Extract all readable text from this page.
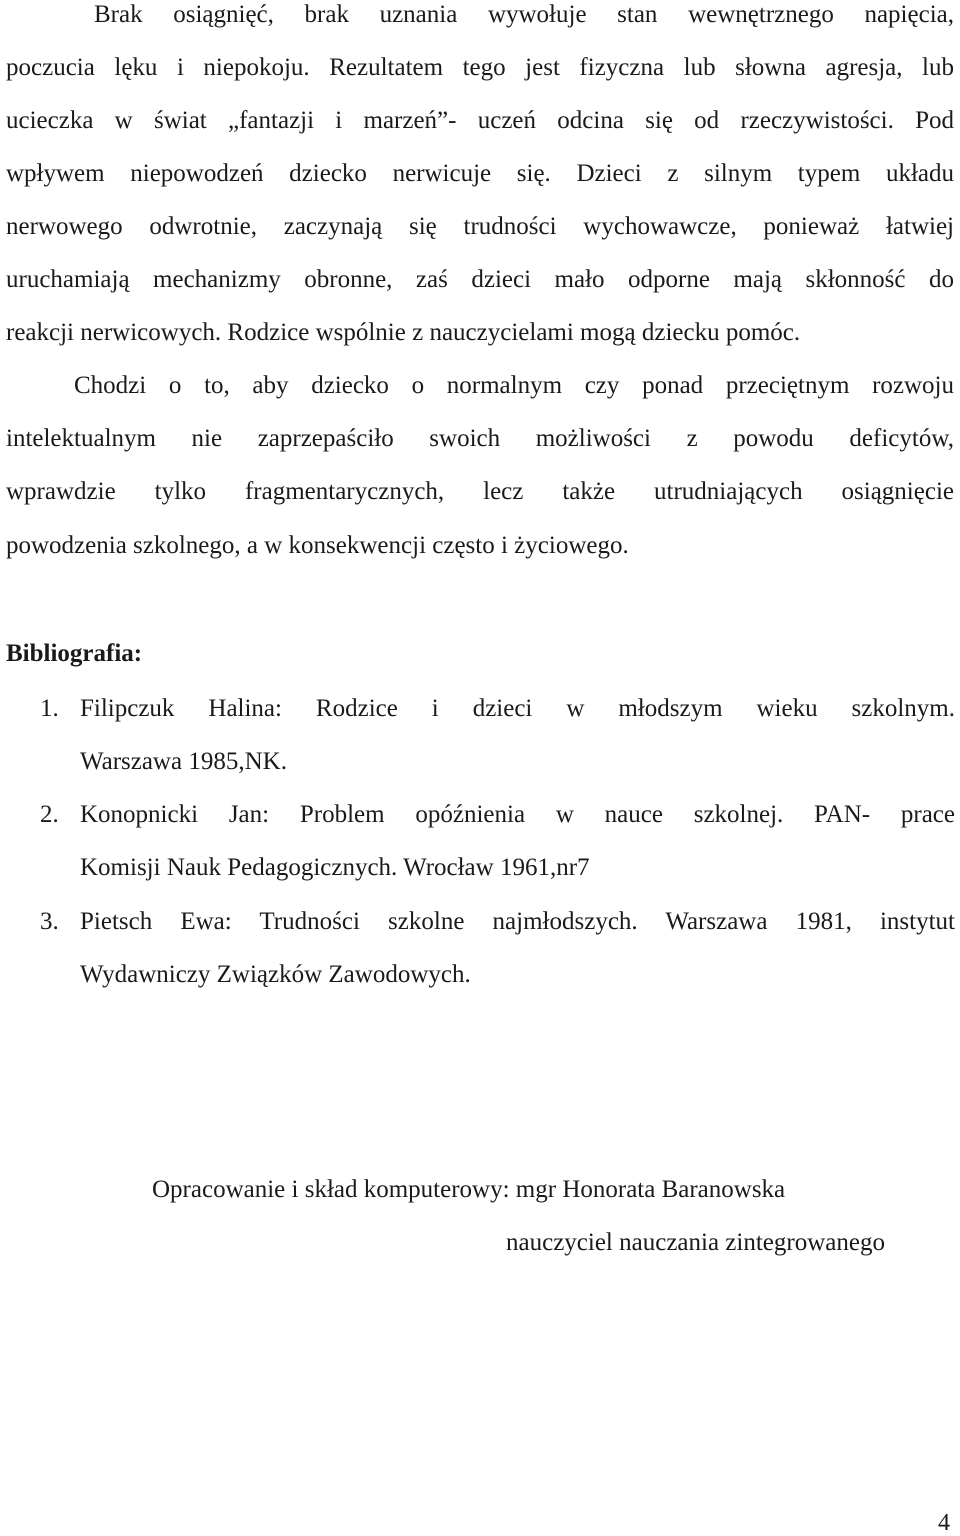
Brak osiągnięć, brak uznania wywołuje stan wewnętrznego napięcia,
poczucia lęku i niepokoju. Rezultatem tego jest fizyczna lub słowna agresja, lub
ucieczka w świat „fantazji i marzeń”- uczeń odcina się od rzeczywistości. Pod
wpływem niepowodzeń dziecko nerwicuje się. Dzieci z silnym typem układu
nerwowego odwrotnie, zaczynają się trudności wychowawcze, ponieważ łatwiej
uruchamiają mechanizmy obronne, zaś dzieci mało odporne mają skłonność do
reakcji nerwicowych. Rodzice wspólnie z nauczycielami mogą dziecku pomóc.
Chodzi o to, aby dziecko o normalnym czy ponad przeciętnym rozwoju
intelektualnym nie zaprzepaściło swoich możliwości z powodu deficytów,
wprawdzie tylko fragmentarycznych, lecz także utrudniających osiągnięcie
powodzenia szkolnego, a w konsekwencji często i życiowego.
Bibliografia:
1. Filipczuk Halina: Rodzice i dzieci w młodszym wieku szkolnym.
Warszawa 1985,NK.
2. Konopnicki Jan: Problem opóźnienia w nauce szkolnej. PAN- prace
Komisji Nauk Pedagogicznych. Wrocław 1961,nr7
3. Pietsch Ewa: Trudności szkolne najmłodszych. Warszawa 1981, instytut
Wydawniczy Związków Zawodowych.
Opracowanie i skład komputerowy: mgr Honorata Baranowska
nauczyciel nauczania zintegrowanego
4
